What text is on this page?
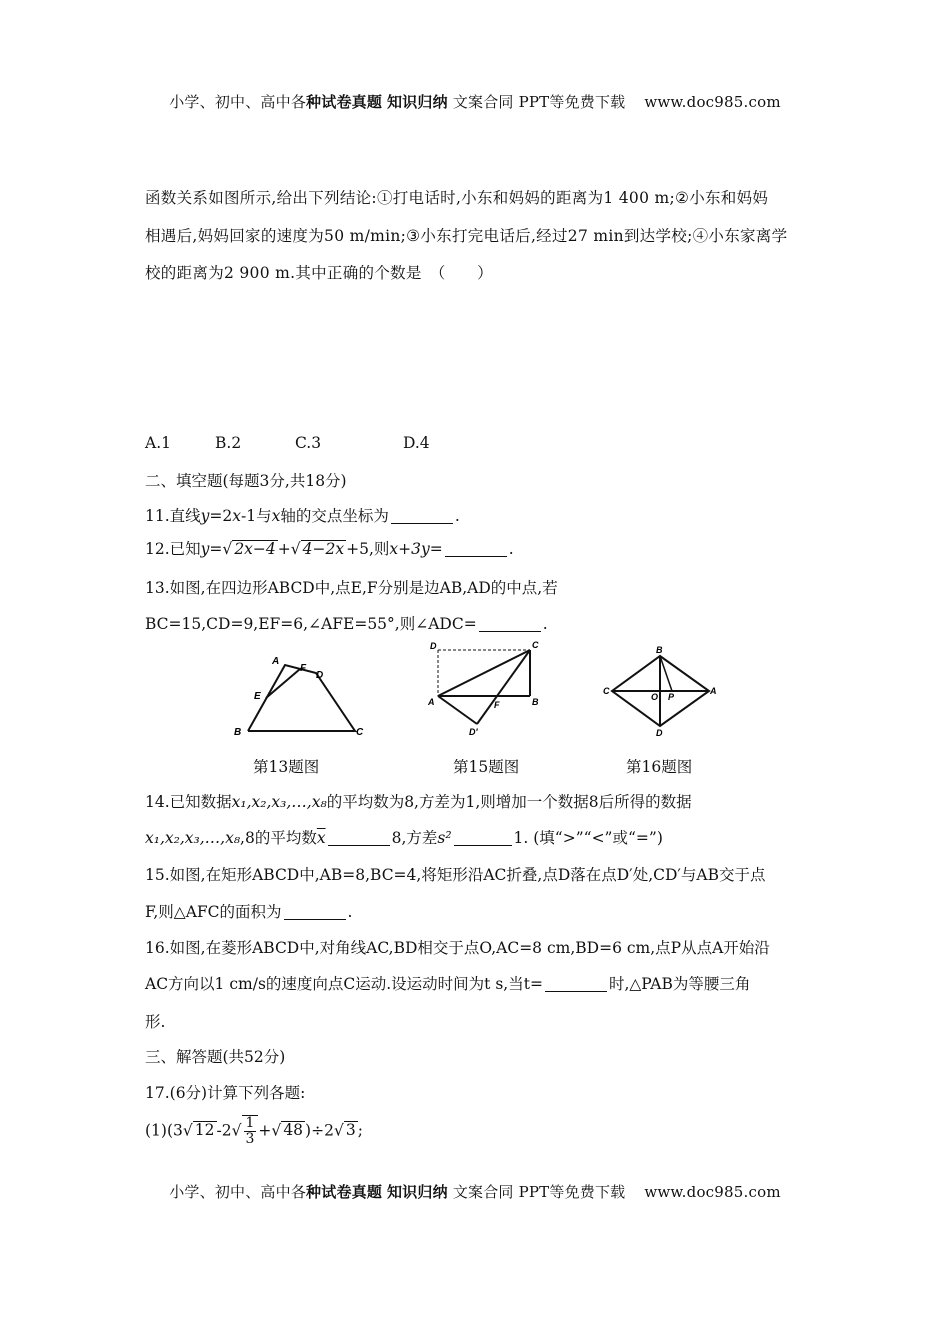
小学、初中、高中各种试卷真题 知识归纳 文案合同 PPT等免费下载 www.doc985.com
函数关系如图所示,给出下列结论:①打电话时,小东和妈妈的距离为1 400 m;②小东和妈妈
相遇后,妈妈回家的速度为50 m/min;③小东打完电话后,经过27 min到达学校;④小东家离学
校的距离为2 900 m.其中正确的个数是　（　　）
A.1	B.2	C.3	D.4
二、填空题(每题3分,共18分)
11.直线y=2x-1与x轴的交点坐标为	.
12.已知y=√ 2x−4 +√ 4−2x +5,则x+3y=	.
13.如图,在四边形ABCD中,点E,F分别是边AB,AD的中点,若
BC=15,CD=9,EF=6,∠AFE=55°,则∠ADC=	.
A
F
D
E
B	C
第13题图
D	C
A	F	B
D′
第15题图
B
C
O P
A
D
第16题图
14.已知数据x₁,x₂,x₃,…,x₈的平均数为8,方差为1,则增加一个数据8后所得的数据
x₁,x₂,x₃,…,x₈,8的平均数$\overline{x}$	8,方差s²	1. (填“>”“<”或“=”)
15.如图,在矩形ABCD中,AB=8,BC=4,将矩形沿AC折叠,点D落在点D′处,CD′与AB交于点
F,则△AFC的面积为	.
16.如图,在菱形ABCD中,对角线AC,BD相交于点O,AC=8 cm,BD=6 cm,点P从点A开始沿
AC方向以1 cm/s的速度向点C运动.设运动时间为t s,当t=	时,△PAB为等腰三角
形.
三、解答题(共52分)
17.(6分)计算下列各题:
(1)(3√ 12 $-2√ \frac{1}{3}$ +√ 48 )÷2√ 3 ;
小学、初中、高中各种试卷真题 知识归纳 文案合同 PPT等免费下载 www.doc985.com
